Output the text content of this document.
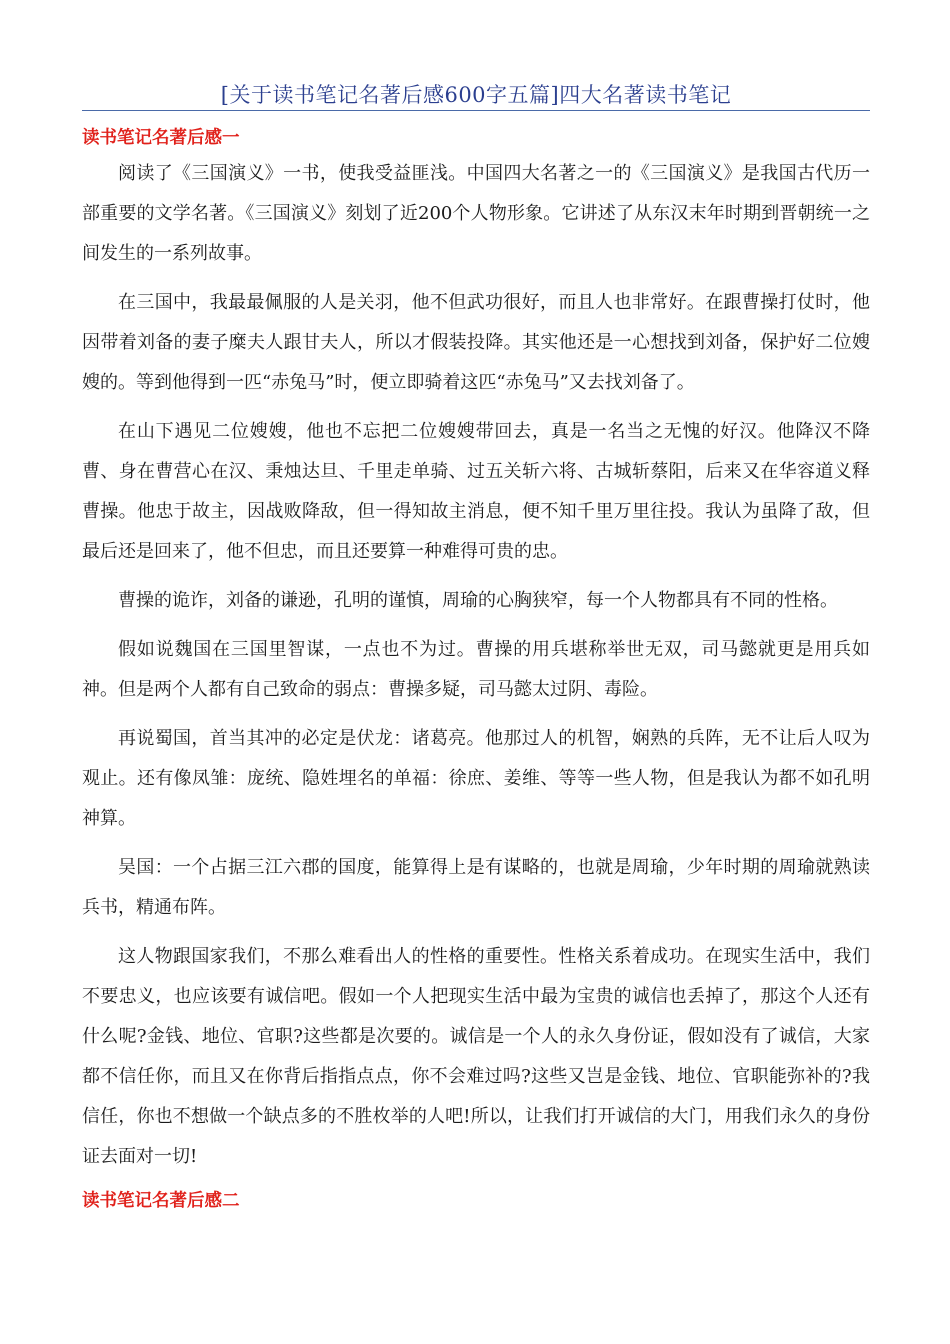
[关于读书笔记名著后感600字五篇]四大名著读书笔记
读书笔记名著后感一

阅读了《三国演义》一书，使我受益匪浅。中国四大名著之一的《三国演义》是我国古代历一部重要的文学名著。《三国演义》刻划了近200个人物形象。它讲述了从东汉末年时期到晋朝统一之间发生的一系列故事。

在三国中，我最最佩服的人是关羽，他不但武功很好，而且人也非常好。在跟曹操打仗时，他因带着刘备的妻子糜夫人跟甘夫人，所以才假装投降。其实他还是一心想找到刘备，保护好二位嫂嫂的。等到他得到一匹“赤兔马”时，便立即骑着这匹“赤兔马”又去找刘备了。

在山下遇见二位嫂嫂，他也不忘把二位嫂嫂带回去，真是一名当之无愧的好汉。他降汉不降曹、身在曹营心在汉、秉烛达旦、千里走单骑、过五关斩六将、古城斩蔡阳，后来又在华容道义释曹操。他忠于故主，因战败降敌，但一得知故主消息，便不知千里万里往投。我认为虽降了敌，但最后还是回来了，他不但忠，而且还要算一种难得可贵的忠。

曹操的诡诈，刘备的谦逊，孔明的谨慎，周瑜的心胸狭窄，每一个人物都具有不同的性格。

假如说魏国在三国里智谋，一点也不为过。曹操的用兵堪称举世无双，司马懿就更是用兵如神。但是两个人都有自己致命的弱点：曹操多疑，司马懿太过阴、毒险。

再说蜀国，首当其冲的必定是伏龙：诸葛亮。他那过人的机智，娴熟的兵阵，无不让后人叹为观止。还有像凤雏：庞统、隐姓埋名的单福：徐庶、姜维、等等一些人物，但是我认为都不如孔明神算。

吴国：一个占据三江六郡的国度，能算得上是有谋略的，也就是周瑜，少年时期的周瑜就熟读兵书，精通布阵。

这人物跟国家我们，不那么难看出人的性格的重要性。性格关系着成功。在现实生活中，我们不要忠义，也应该要有诚信吧。假如一个人把现实生活中最为宝贵的诚信也丢掉了，那这个人还有什么呢?金钱、地位、官职?这些都是次要的。诚信是一个人的永久身份证，假如没有了诚信，大家都不信任你，而且又在你背后指指点点，你不会难过吗?这些又岂是金钱、地位、官职能弥补的?我信任，你也不想做一个缺点多的不胜枚举的人吧!所以，让我们打开诚信的大门，用我们永久的身份证去面对一切!

读书笔记名著后感二
